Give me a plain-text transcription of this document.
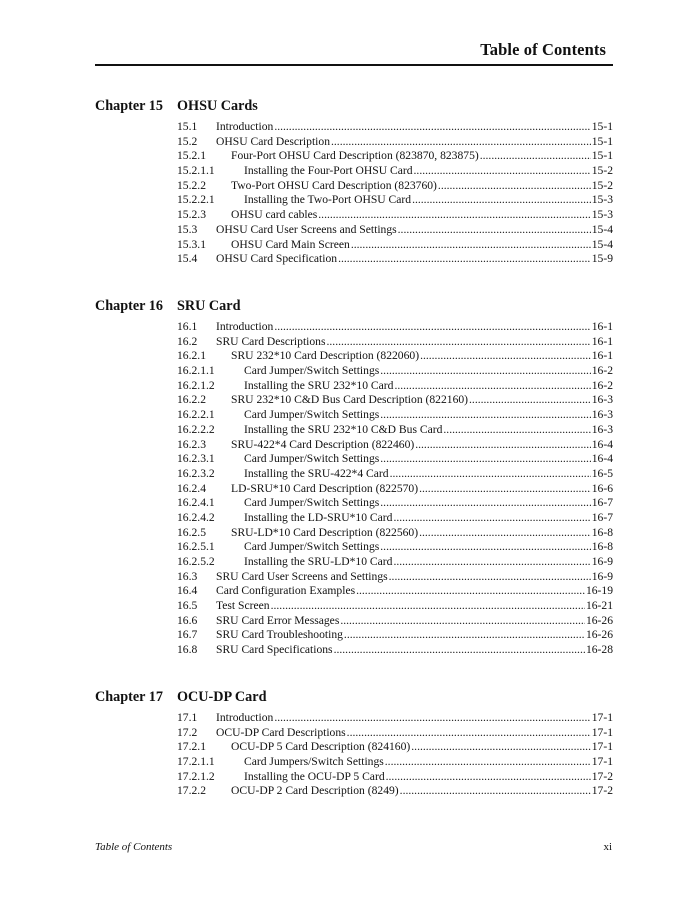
Table of Contents
Chapter 15 OHSU Cards
15.1 Introduction .....	15-1
15.2 OHSU Card Description .....	15-1
15.2.1 Four-Port OHSU Card Description (823870, 823875) .....	15-1
15.2.1.1	Installing the Four-Port OHSU Card .....	15-2
15.2.2 Two-Port OHSU Card Description (823760) .....	15-2
15.2.2.1	Installing the Two-Port OHSU Card .....	15-3
15.2.3 OHSU card cables .....	15-3
15.3 OHSU Card User Screens and Settings .....	15-4
15.3.1 OHSU Card Main Screen .....	15-4
15.4 OHSU Card Specification .....	15-9
Chapter 16 SRU Card
16.1 Introduction .....	16-1
16.2 SRU Card Descriptions .....	16-1
16.2.1 SRU 232*10 Card Description (822060) .....	16-1
16.2.1.1	Card Jumper/Switch Settings .....	16-2
16.2.1.2	Installing the SRU 232*10 Card .....	16-2
16.2.2 SRU 232*10 C&D Bus Card Description (822160) .....	16-3
16.2.2.1	Card Jumper/Switch Settings .....	16-3
16.2.2.2	Installing the SRU 232*10 C&D Bus Card .....	16-3
16.2.3 SRU-422*4 Card Description (822460) .....	16-4
16.2.3.1	Card Jumper/Switch Settings .....	16-4
16.2.3.2	Installing the SRU-422*4 Card .....	16-5
16.2.4 LD-SRU*10 Card Description (822570) .....	16-6
16.2.4.1	Card Jumper/Switch Settings .....	16-7
16.2.4.2	Installing the LD-SRU*10 Card .....	16-7
16.2.5 SRU-LD*10 Card Description (822560) .....	16-8
16.2.5.1	Card Jumper/Switch Settings .....	16-8
16.2.5.2	Installing the SRU-LD*10 Card .....	16-9
16.3 SRU Card User Screens and Settings .....	16-9
16.4 Card Configuration Examples .....	16-19
16.5 Test Screen .....	16-21
16.6 SRU Card Error Messages .....	16-26
16.7 SRU Card Troubleshooting .....	16-26
16.8 SRU Card Specifications .....	16-28
Chapter 17 OCU-DP Card
17.1 Introduction .....	17-1
17.2 OCU-DP Card Descriptions .....	17-1
17.2.1 OCU-DP 5 Card Description (824160) .....	17-1
17.2.1.1	Card Jumpers/Switch Settings .....	17-1
17.2.1.2	Installing the OCU-DP 5 Card .....	17-2
17.2.2 OCU-DP 2 Card Description (8249) .....	17-2
Table of Contents	xi
